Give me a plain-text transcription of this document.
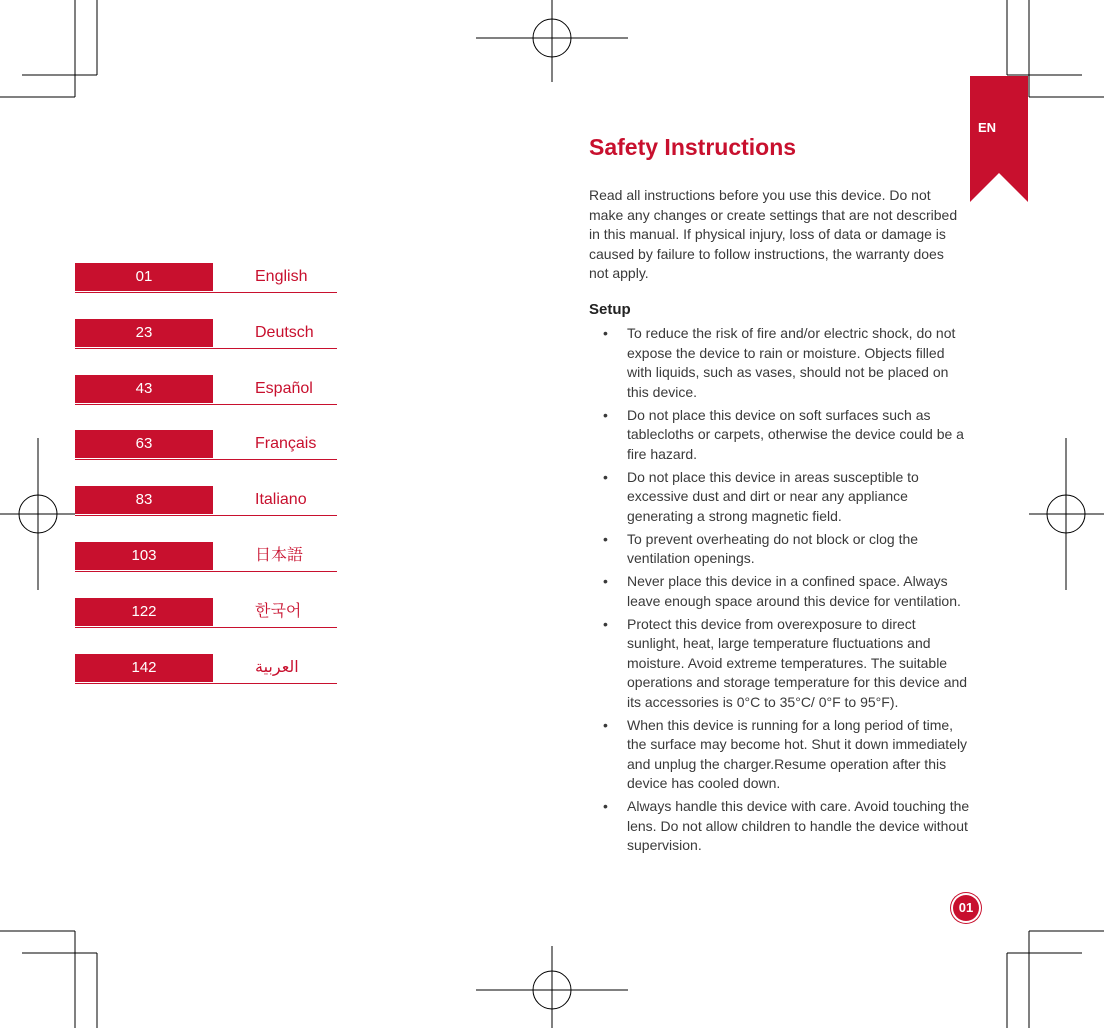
01	English
23	Deutsch
43	Español
63	Français
83	Italiano
103	日本語
122	한국어
142	العربية
EN
Safety Instructions

Read all instructions before you use this device. Do not make any changes or create settings that are not described in this manual. If physical injury, loss of data or damage is caused by failure to follow instructions, the warranty does not apply.

Setup
• To reduce the risk of fire and/or electric shock, do not expose the device to rain or moisture. Objects filled with liquids, such as vases, should not be placed on this device.
• Do not place this device on soft surfaces such as tablecloths or carpets, otherwise the device could be a fire hazard.
• Do not place this device in areas susceptible to excessive dust and dirt or near any appliance generating a strong magnetic field.
• To prevent overheating do not block or clog the ventilation openings.
• Never place this device in a confined space. Always leave enough space around this device for ventilation.
• Protect this device from overexposure to direct sunlight, heat, large temperature fluctuations and moisture. Avoid extreme temperatures. The suitable operations and storage temperature for this device and its accessories is 0°C to 35°C/ 0°F to 95°F).
• When this device is running for a long period of time, the surface may become hot. Shut it down immediately and unplug the charger.Resume operation after this device has cooled down.
• Always handle this device with care. Avoid touching the lens. Do not allow children to handle the device without supervision.
01
